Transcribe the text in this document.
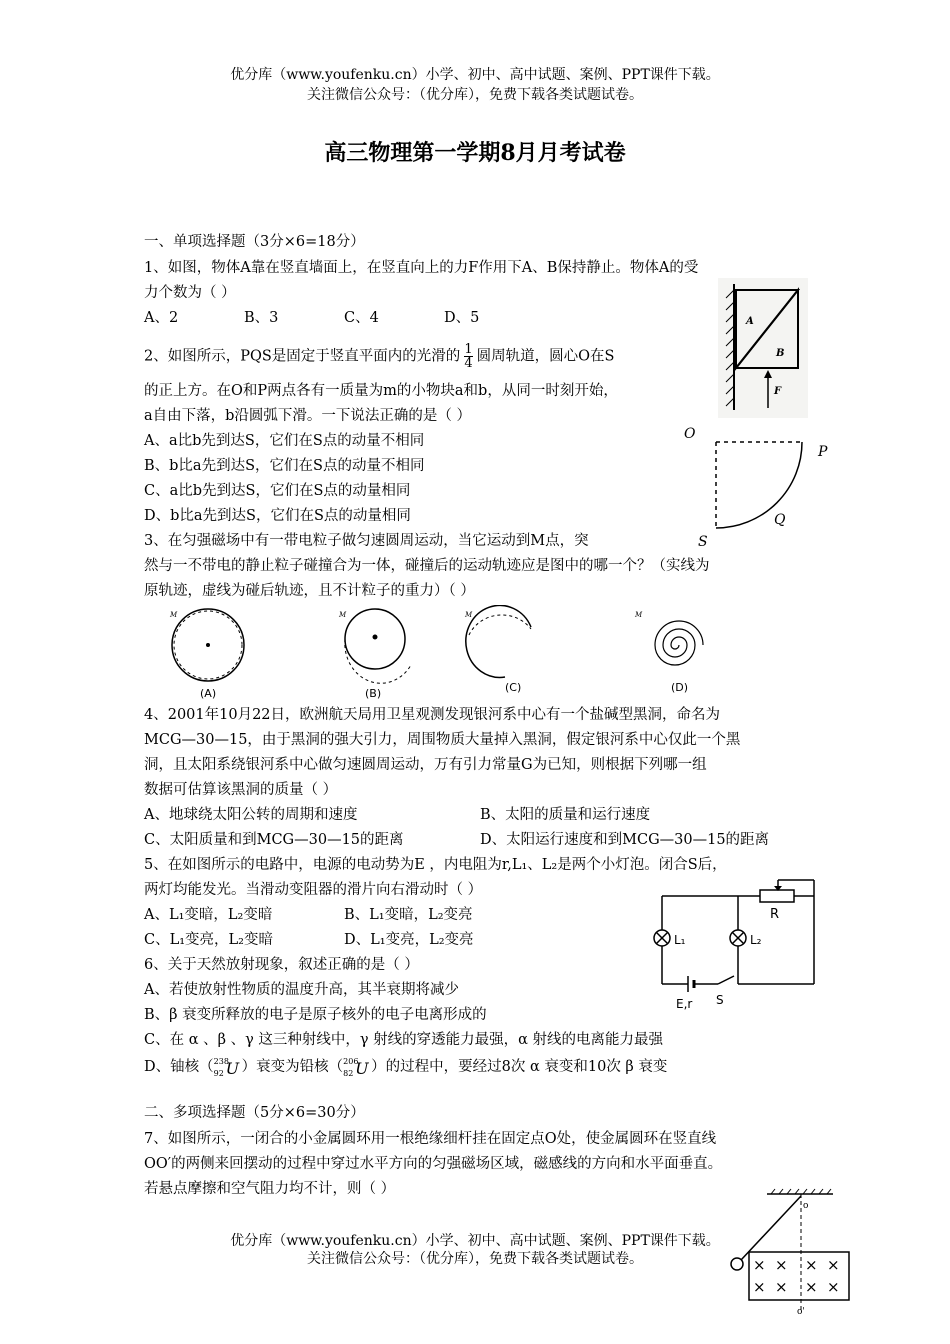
优分库（www.youfenku.cn）小学、初中、高中试题、案例、PPT课件下载。
关注微信公众号：（优分库），免费下载各类试题试卷。
高三物理第一学期8月月考试卷
一、单项选择题（3分×6=18分）
1、如图，物体A靠在竖直墙面上，在竖直向上的力F作用下A、B保持静止。物体A的受
力个数为（ ）
A、2	B、3	C、4	D、5	A
B
F
2、如图所示，PQS是固定于竖直平面内的光滑的 $\frac{1}{4}$ 圆周轨道，圆心O在S
的正上方。在O和P两点各有一质量为m的小物块a和b，从同一时刻开始，
a自由下落，b沿圆弧下滑。一下说法正确的是（ ）
A、a比b先到达S，它们在S点的动量不相同
B、b比a先到达S，它们在S点的动量不相同
C、a比b先到达S，它们在S点的动量相同
D、b比a先到达S，它们在S点的动量相同
O
P
Q
S
3、在匀强磁场中有一带电粒子做匀速圆周运动，当它运动到M点，突
然与一不带电的静止粒子碰撞合为一体，碰撞后的运动轨迹应是图中的哪一个？（实线为
原轨迹，虚线为碰后轨迹，且不计粒子的重力）（ ）
M
(A)
M
(B)
M
(C)
M
(D)
4、2001年10月22日，欧洲航天局用卫星观测发现银河系中心有一个盐碱型黑洞，命名为
MCG—30—15，由于黑洞的强大引力，周围物质大量掉入黑洞，假定银河系中心仅此一个黑
洞，且太阳系绕银河系中心做匀速圆周运动，万有引力常量G为已知，则根据下列哪一组
数据可估算该黑洞的质量（ ）
A、地球绕太阳公转的周期和速度	B、太阳的质量和运行速度
C、太阳质量和到MCG—30—15的距离	D、太阳运行速度和到MCG—30—15的距离
5、在如图所示的电路中，电源的电动势为E ，内电阻为r,L₁、L₂是两个小灯泡。闭合S后，
两灯均能发光。当滑动变阻器的滑片向右滑动时（ ）
A、L₁变暗，L₂变暗	B、L₁变暗，L₂变亮
C、L₁变亮，L₂变暗	D、L₁变亮，L₂变亮
R
L₁	L₂
E,r S
6、关于天然放射现象，叙述正确的是（ ）
A、若使放射性物质的温度升高，其半衰期将减少
B、β 衰变所释放的电子是原子核外的电子电离形成的
C、在 α 、β 、γ 这三种射线中，γ 射线的穿透能力最强，α 射线的电离能力最强
D、铀核（ 238
92 U ）衰变为铅核（ 206
82 U ）的过程中，要经过8次 α 衰变和10次 β 衰变
二、多项选择题（5分×6=30分）
7、如图所示，一闭合的小金属圆环用一根绝缘细杆挂在固定点O处，使金属圆环在竖直线
OO′的两侧来回摆动的过程中穿过水平方向的匀强磁场区域，磁感线的方向和水平面垂直。
若悬点摩擦和空气阻力均不计，则（ ）
优分库（www.youfenku.cn）小学、初中、高中试题、案例、PPT课件下载。
关注微信公众号：（优分库），免费下载各类试题试卷。	× × × ×
× × × ×
o
o'
